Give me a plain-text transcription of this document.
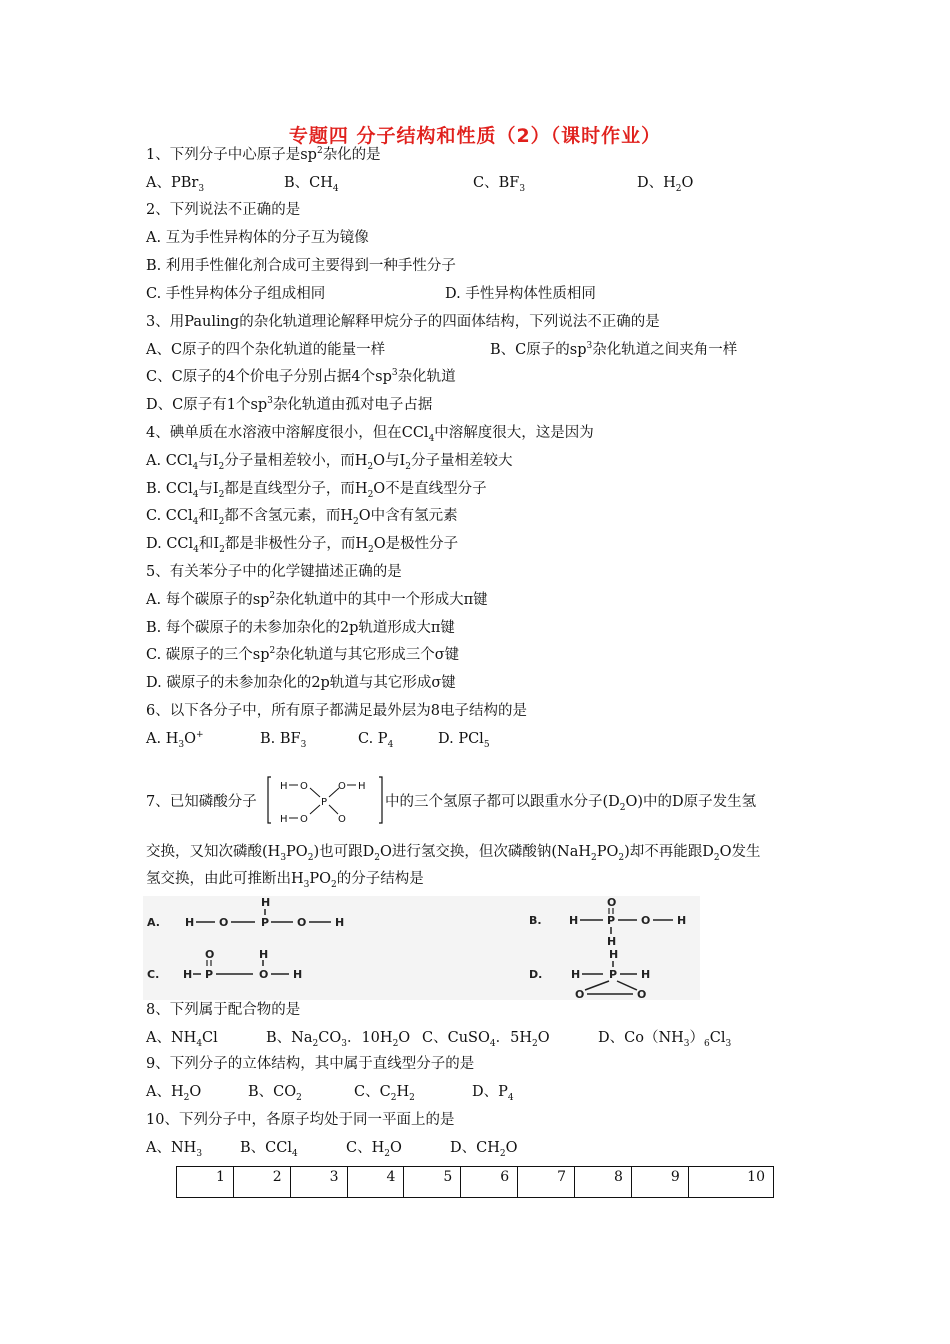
专题四 分子结构和性质（2）（课时作业）
1、下列分子中心原子是$sp^2$杂化的是
A、PBr$_3$	B、$CH_4$	C、$BF_3$	D、$H_2O$
2、下列说法不正确的是
A. 互为手性异构体的分子互为镜像
B. 利用手性催化剂合成可主要得到一种手性分子
C. 手性异构体分子组成相同	D. 手性异构体性质相同
3、用Pauling的杂化轨道理论解释甲烷分子的四面体结构，下列说法不正确的是
A、C原子的四个杂化轨道的能量一样	B、C原子的$sp^3$杂化轨道之间夹角一样
C、C原子的4个价电子分别占据4个$sp^3$杂化轨道
D、C原子有1个$sp^3$杂化轨道由孤对电子占据
4、碘单质在水溶液中溶解度很小，但在CCl$_4$中溶解度很大，这是因为
A. CCl$_4$与$I_2$分子量相差较小，而$H_2O$与$I_2$分子量相差较大
B. CCl$_4$与$I_2$都是直线型分子，而$H_2O$不是直线型分子
C. CCl$_4$和$I_2$都不含氢元素，而$H_2O$中含有氢元素
D. CCl$_4$和$I_2$都是非极性分子，而$H_2O$是极性分子
5、有关苯分子中的化学键描述正确的是
A. 每个碳原子的$sp^2$杂化轨道中的其中一个形成大π键
B. 每个碳原子的未参加杂化的2p轨道形成大π键
C. 碳原子的三个$sp^2$杂化轨道与其它形成三个σ键
D. 碳原子的未参加杂化的2p轨道与其它形成σ键
6、以下各分子中，所有原子都满足最外层为8电子结构的是
A. $H_3O^+$	B. $BF_3$	C. $P_4$	D. PCl$_5$
7、已知磷酸分子
H O	O H
P
H O	O
中的三个氢原子都可以跟重水分子$(D_2O)$中的D原子发生氢
交换，又知次磷酸$(H_3PO_2)$也可跟$D_2O$进行氢交换，但次磷酸钠$(NaH_2PO_2)$却不再能跟$D_2O$发生
氢交换，由此可推断出$H_3PO_2$的分子结构是
A.
H
H O	P	O	H	B.
O
H	P O H
H
O	H
C. H P	O H
H
D.	H	P H
O	O
8、下列属于配合物的是
A、$NH_4Cl$	B、$Na_2CO_3$．$10H_2O$ C、CuSO$_4$．$5H_2O$	D、$Co(NH_3)_6Cl_3$
9、下列分子的立体结构，其中属于直线型分子的是
A、$H_2O$	B、$CO_2$	C、$C_2H_2$	D、$P_4$
10、下列分子中，各原子均处于同一平面上的是
A、$NH_3$	B、CCl$_4$	C、$H_2O$	D、$CH_2O$
1	2	3	4	5	6	7	8	9	10
